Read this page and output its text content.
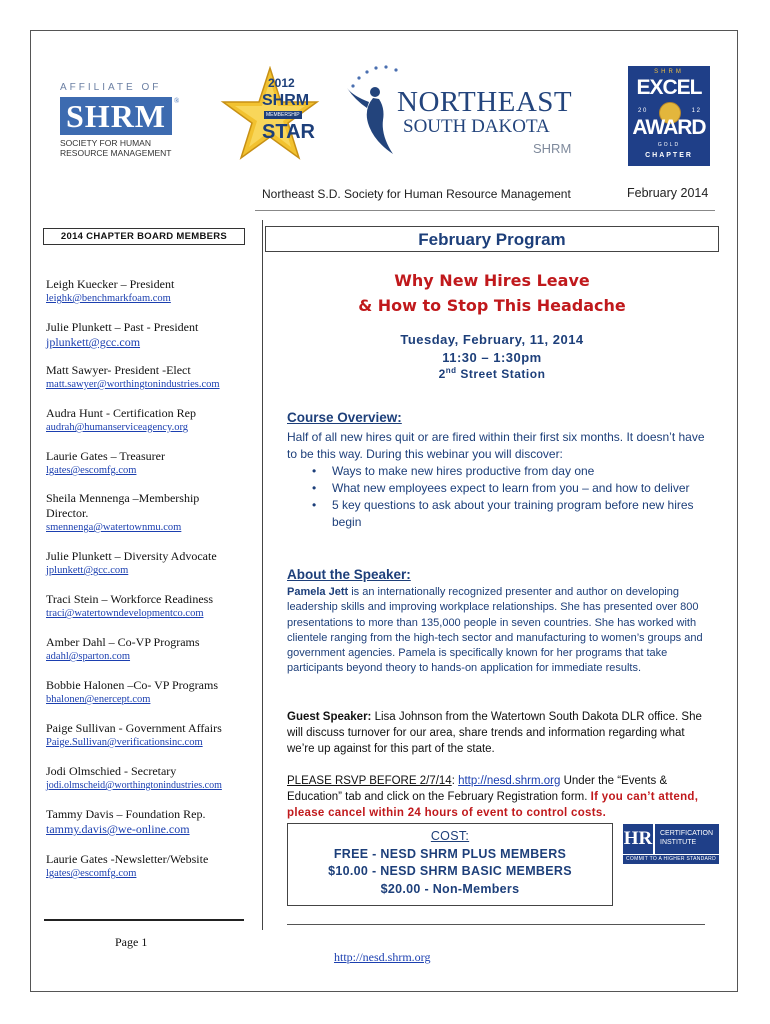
AFFILIATE OF
SHRM	®
SOCIETY FOR HUMAN
RESOURCE MANAGEMENT
2012
SHRM
MEMBERSHIP
STAR
NORTHEAST
SOUTH DAKOTA
SHRM
SHRM
EXCEL
2 0	1 2
AWARD
GOLD
CHAPTER
Northeast S.D. Society for Human Resource Management	February 2014
2014 CHAPTER BOARD MEMBERS
Leigh Kuecker – President
leighk@benchmarkfoam.com
Julie Plunkett – Past - President
jplunkett@gcc.com
Matt Sawyer- President -Elect
matt.sawyer@worthingtonindustries.com
Audra Hunt - Certification Rep
audrah@humanserviceagency.org
Laurie Gates – Treasurer
lgates@escomfg.com
Sheila Mennenga –Membership
Director.
smennenga@watertownmu.com
Julie Plunkett – Diversity Advocate
jplunkett@gcc.com
Traci Stein – Workforce Readiness
traci@watertowndevelopmentco.com
Amber Dahl – Co-VP Programs
adahl@sparton.com
Bobbie Halonen –Co- VP Programs
bhalonen@enercept.com
Paige Sullivan - Government Affairs
Paige.Sullivan@verificationsinc.com
Jodi Olmschied - Secretary
jodi.olmscheid@worthingtonindustries.com
Tammy Davis – Foundation Rep.
tammy.davis@we-online.com
Laurie Gates -Newsletter/Website
lgates@escomfg.com
Page 1
February Program
Why New Hires Leave
& How to Stop This Headache
Tuesday, February, 11, 2014
11:30 – 1:30pm
2nd Street Station
Course Overview:
Half of all new hires quit or are fired within their first six months. It doesn’t have to be this way. During this webinar you will discover:
• Ways to make new hires productive from day one
• What new employees expect to learn from you – and how to deliver
• 5 key questions to ask about your training program before new hires begin
About the Speaker:
Pamela Jett is an internationally recognized presenter and author on developing leadership skills and improving workplace relationships. She has presented over 800 presentations to more than 135,000 people in seven countries. She has worked with clientele ranging from the high-tech sector and manufacturing to women’s groups and government agencies. Pamela is specifically known for her programs that take participants beyond theory to hands-on application for immediate results.
Guest Speaker: Lisa Johnson from the Watertown South Dakota DLR office. She will discuss turnover for our area, share trends and information regarding what we’re up against for this part of the state.
PLEASE RSVP BEFORE 2/7/14: http://nesd.shrm.org Under the “Events & Education” tab and click on the February Registration form. If you can’t attend, please cancel within 24 hours of event to control costs.
COST:
FREE - NESD SHRM PLUS MEMBERS
$10.00 - NESD SHRM BASIC MEMBERS
$20.00 - Non-Members
HR CERTIFICATION
INSTITUTE
COMMIT TO A HIGHER STANDARD
http://nesd.shrm.org
